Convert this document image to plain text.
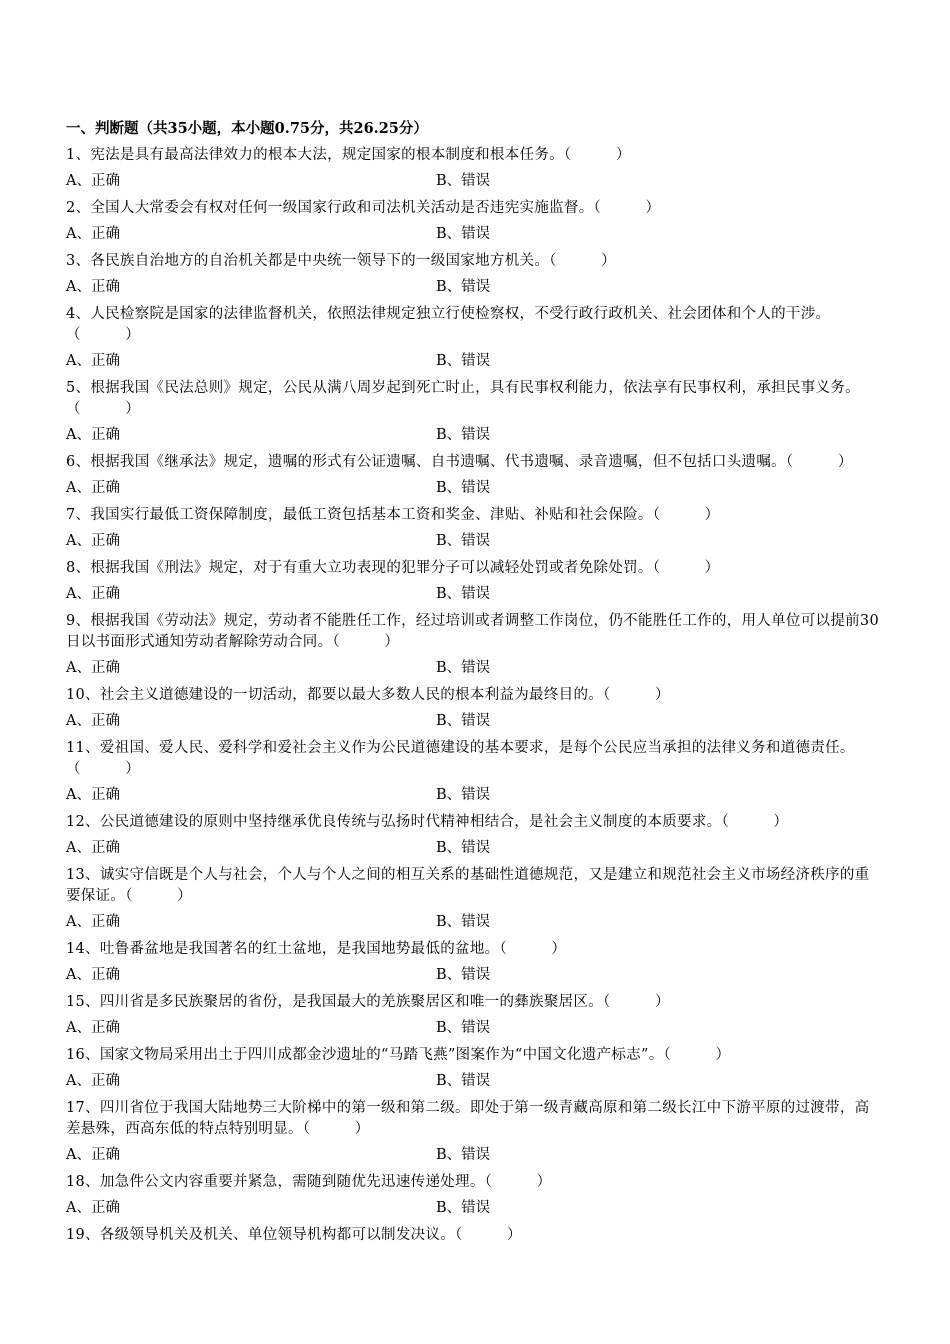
一、判断题（共35小题，本小题0.75分，共26.25分）
1、宪法是具有最高法律效力的根本大法，规定国家的根本制度和根本任务。（　　　）
A、正确	B、错误
2、全国人大常委会有权对任何一级国家行政和司法机关活动是否违宪实施监督。（　　　）
A、正确	B、错误
3、各民族自治地方的自治机关都是中央统一领导下的一级国家地方机关。（　　　）
A、正确	B、错误
4、人民检察院是国家的法律监督机关，依照法律规定独立行使检察权，不受行政行政机关、社会团体和个人的干涉。（　　　）
A、正确	B、错误
5、根据我国《民法总则》规定，公民从满八周岁起到死亡时止，具有民事权利能力，依法享有民事权利，承担民事义务。（　　　）
A、正确	B、错误
6、根据我国《继承法》规定，遗嘱的形式有公证遗嘱、自书遗嘱、代书遗嘱、录音遗嘱，但不包括口头遗嘱。（　　　）
A、正确	B、错误
7、我国实行最低工资保障制度，最低工资包括基本工资和奖金、津贴、补贴和社会保险。（　　　）
A、正确	B、错误
8、根据我国《刑法》规定，对于有重大立功表现的犯罪分子可以减轻处罚或者免除处罚。（　　　）
A、正确	B、错误
9、根据我国《劳动法》规定，劳动者不能胜任工作，经过培训或者调整工作岗位，仍不能胜任工作的，用人单位可以提前30日以书面形式通知劳动者解除劳动合同。（　　　）
A、正确	B、错误
10、社会主义道德建设的一切活动，都要以最大多数人民的根本利益为最终目的。（　　　）
A、正确	B、错误
11、爱祖国、爱人民、爱科学和爱社会主义作为公民道德建设的基本要求，是每个公民应当承担的法律义务和道德责任。（　　　）
A、正确	B、错误
12、公民道德建设的原则中坚持继承优良传统与弘扬时代精神相结合，是社会主义制度的本质要求。（　　　）
A、正确	B、错误
13、诚实守信既是个人与社会，个人与个人之间的相互关系的基础性道德规范，又是建立和规范社会主义市场经济秩序的重要保证。（　　　）
A、正确	B、错误
14、吐鲁番盆地是我国著名的红土盆地，是我国地势最低的盆地。（　　　）
A、正确	B、错误
15、四川省是多民族聚居的省份，是我国最大的羌族聚居区和唯一的彝族聚居区。（　　　）
A、正确	B、错误
16、国家文物局采用出土于四川成都金沙遗址的“马踏飞燕”图案作为“中国文化遗产标志”。（　　　）
A、正确	B、错误
17、四川省位于我国大陆地势三大阶梯中的第一级和第二级。即处于第一级青藏高原和第二级长江中下游平原的过渡带，高差悬殊，西高东低的特点特别明显。（　　　）
A、正确	B、错误
18、加急件公文内容重要并紧急，需随到随优先迅速传递处理。（　　　）
A、正确	B、错误
19、各级领导机关及机关、单位领导机构都可以制发决议。（　　　）
